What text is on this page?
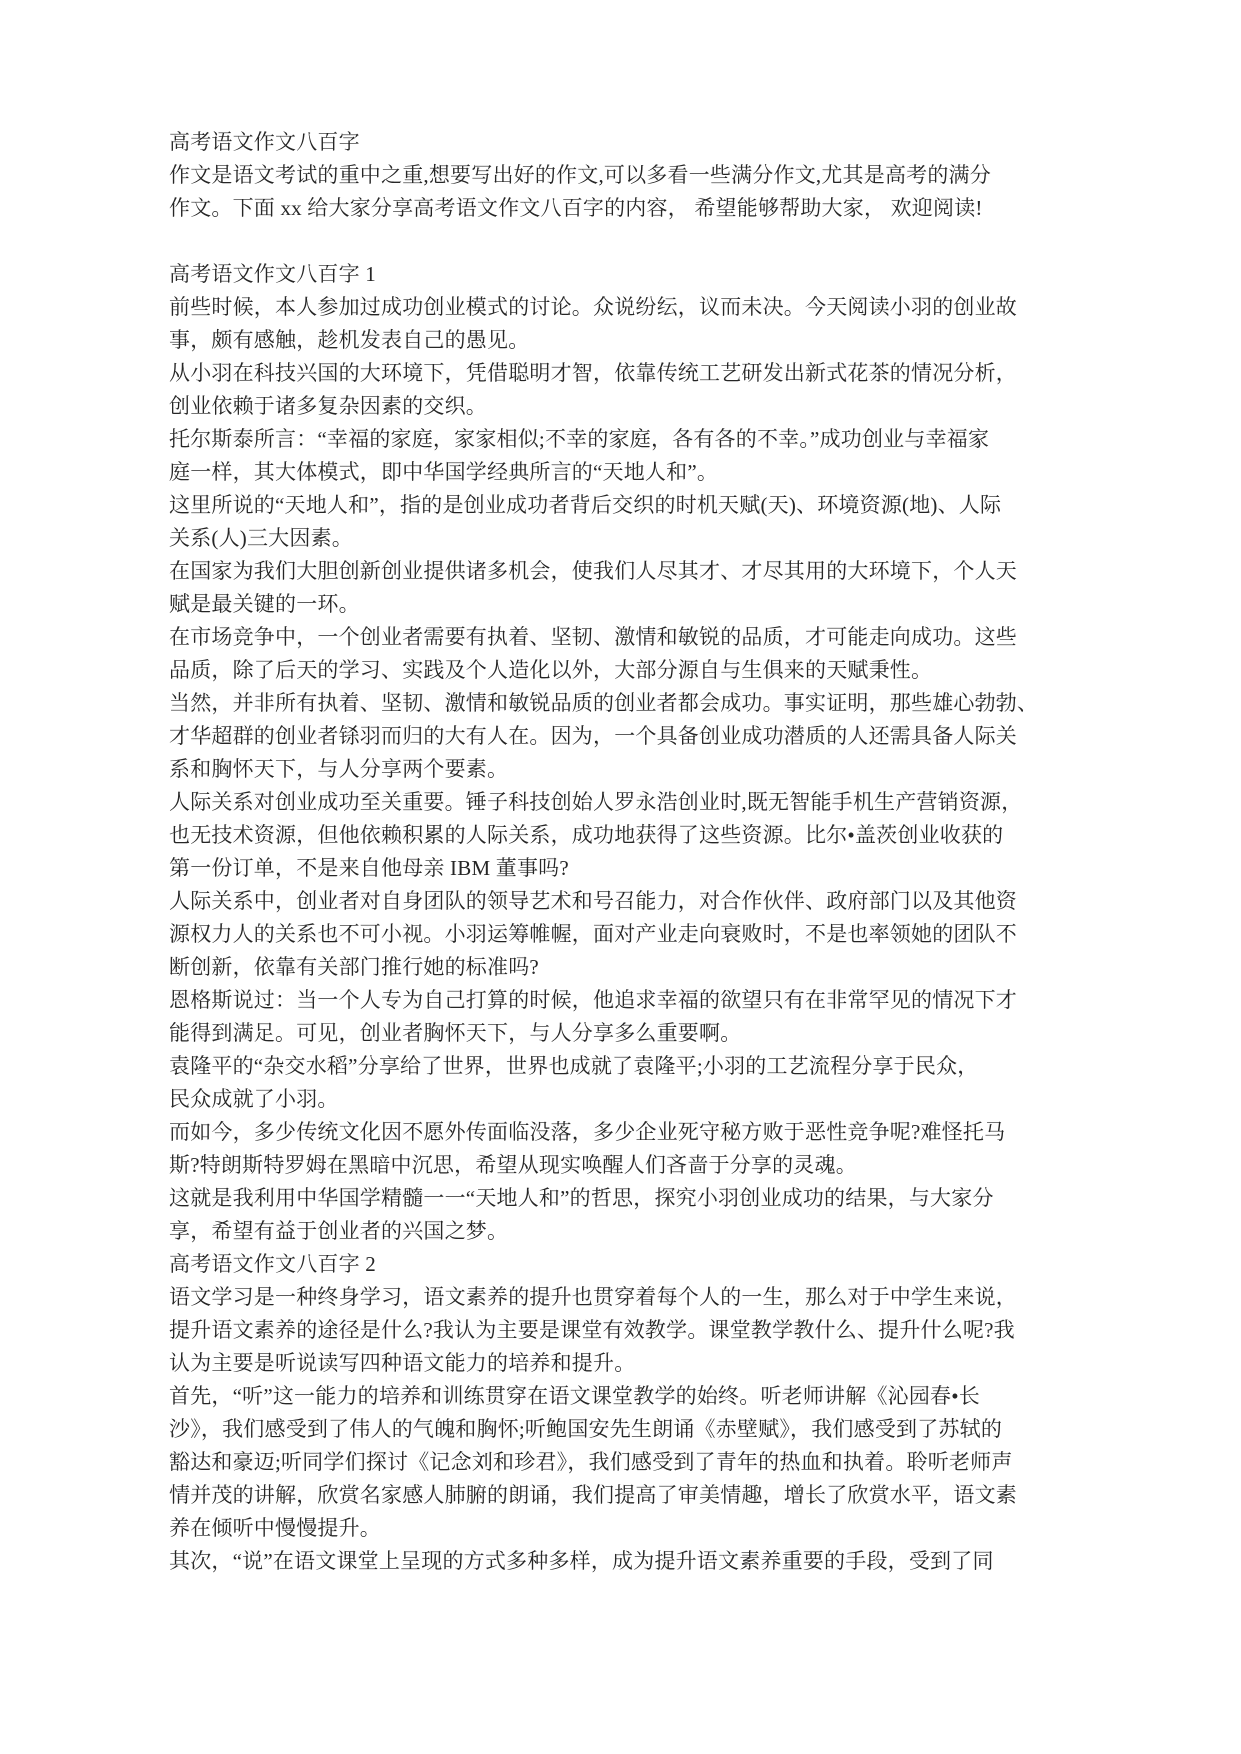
高考语文作文八百字
作文是语文考试的重中之重,想要写出好的作文,可以多看一些满分作文,尤其是高考的满分
作文。下面 xx 给大家分享高考语文作文八百字的内容， 希望能够帮助大家， 欢迎阅读!

高考语文作文八百字 1
前些时候，本人参加过成功创业模式的讨论。众说纷纭，议而未决。今天阅读小羽的创业故
事，颇有感触，趁机发表自己的愚见。
从小羽在科技兴国的大环境下，凭借聪明才智，依靠传统工艺研发出新式花茶的情况分析，
创业依赖于诸多复杂因素的交织。
托尔斯泰所言：“幸福的家庭，家家相似;不幸的家庭，各有各的不幸。”成功创业与幸福家
庭一样，其大体模式，即中华国学经典所言的“天地人和”。
这里所说的“天地人和”，指的是创业成功者背后交织的时机天赋(天)、环境资源(地)、人际
关系(人)三大因素。
在国家为我们大胆创新创业提供诸多机会，使我们人尽其才、才尽其用的大环境下，个人天
赋是最关键的一环。
在市场竞争中，一个创业者需要有执着、坚韧、激情和敏锐的品质，才可能走向成功。这些
品质，除了后天的学习、实践及个人造化以外，大部分源自与生俱来的天赋秉性。
当然，并非所有执着、坚韧、激情和敏锐品质的创业者都会成功。事实证明，那些雄心勃勃、
才华超群的创业者铩羽而归的大有人在。因为，一个具备创业成功潜质的人还需具备人际关
系和胸怀天下，与人分享两个要素。
人际关系对创业成功至关重要。锤子科技创始人罗永浩创业时,既无智能手机生产营销资源，
也无技术资源，但他依赖积累的人际关系，成功地获得了这些资源。比尔•盖茨创业收获的
第一份订单，不是来自他母亲 IBM 董事吗?
人际关系中，创业者对自身团队的领导艺术和号召能力，对合作伙伴、政府部门以及其他资
源权力人的关系也不可小视。小羽运筹帷幄，面对产业走向衰败时，不是也率领她的团队不
断创新，依靠有关部门推行她的标准吗?
恩格斯说过：当一个人专为自己打算的时候，他追求幸福的欲望只有在非常罕见的情况下才
能得到满足。可见，创业者胸怀天下，与人分享多么重要啊。
袁隆平的“杂交水稻”分享给了世界，世界也成就了袁隆平;小羽的工艺流程分享于民众，
民众成就了小羽。
而如今，多少传统文化因不愿外传面临没落，多少企业死守秘方败于恶性竞争呢?难怪托马
斯?特朗斯特罗姆在黑暗中沉思，希望从现实唤醒人们吝啬于分享的灵魂。
这就是我利用中华国学精髓一一“天地人和”的哲思，探究小羽创业成功的结果，与大家分
享，希望有益于创业者的兴国之梦。
高考语文作文八百字 2
语文学习是一种终身学习，语文素养的提升也贯穿着每个人的一生，那么对于中学生来说，
提升语文素养的途径是什么?我认为主要是课堂有效教学。课堂教学教什么、提升什么呢?我
认为主要是听说读写四种语文能力的培养和提升。
首先，“听”这一能力的培养和训练贯穿在语文课堂教学的始终。听老师讲解《沁园春•长
沙》，我们感受到了伟人的气魄和胸怀;听鲍国安先生朗诵《赤壁赋》，我们感受到了苏轼的
豁达和豪迈;听同学们探讨《记念刘和珍君》，我们感受到了青年的热血和执着。聆听老师声
情并茂的讲解，欣赏名家感人肺腑的朗诵，我们提高了审美情趣，增长了欣赏水平，语文素
养在倾听中慢慢提升。
其次，“说”在语文课堂上呈现的方式多种多样，成为提升语文素养重要的手段，受到了同
